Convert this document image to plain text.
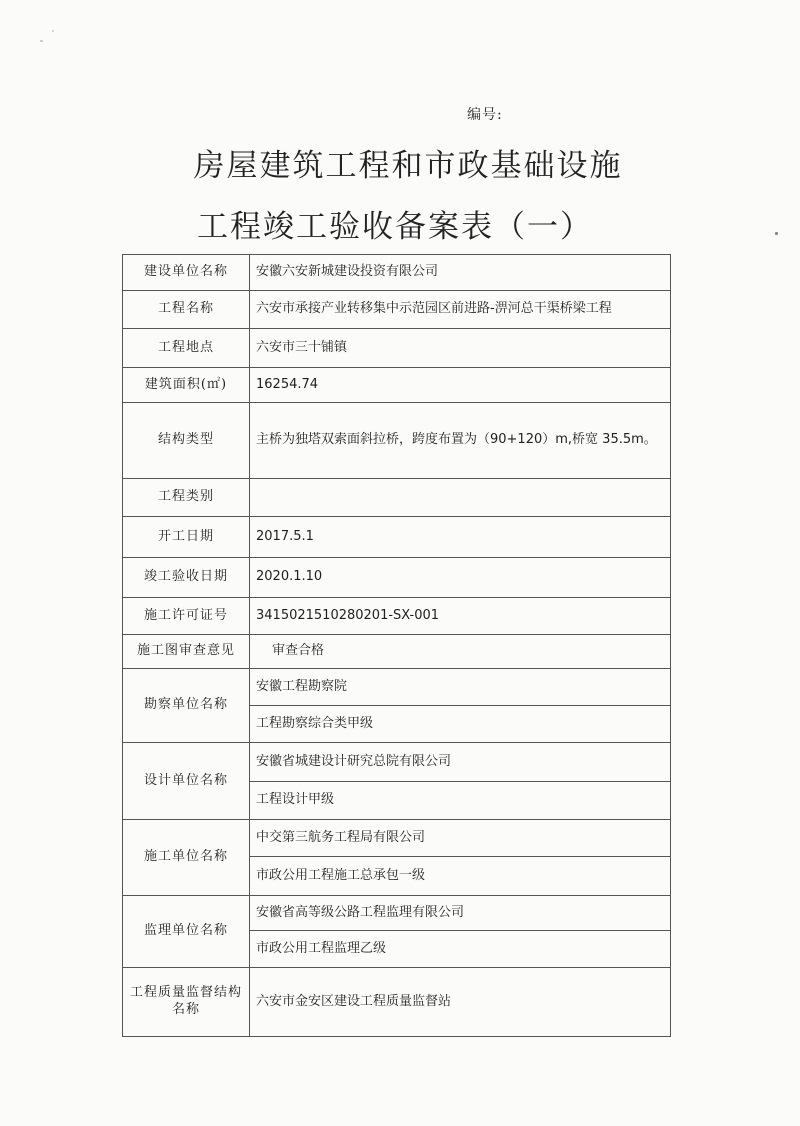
编号:
房屋建筑工程和市政基础设施
工程竣工验收备案表（一）
建设单位名称	安徽六安新城建设投资有限公司
工程名称	六安市承接产业转移集中示范园区前进路-淠河总干渠桥梁工程
工程地点	六安市三十铺镇
建筑面积(㎡)	16254.74
结构类型	主桥为独塔双索面斜拉桥，跨度布置为（90+120）m,桥宽 35.5m。
工程类别	
开工日期	2017.5.1
竣工验收日期	2020.1.10
施工许可证号	3415021510280201-SX-001
施工图审查意见	审查合格
勘察单位名称	安徽工程勘察院
	工程勘察综合类甲级
设计单位名称	安徽省城建设计研究总院有限公司
	工程设计甲级
施工单位名称	中交第三航务工程局有限公司
	市政公用工程施工总承包一级
监理单位名称	安徽省高等级公路工程监理有限公司
	市政公用工程监理乙级
工程质量监督结构名称	六安市金安区建设工程质量监督站
